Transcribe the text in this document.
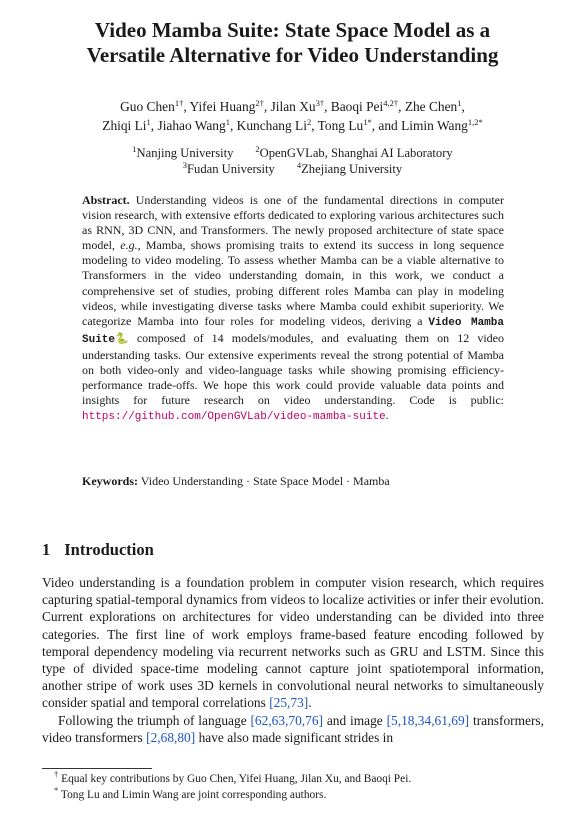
Video Mamba Suite: State Space Model as a
Versatile Alternative for Video Understanding
Guo Chen$^{1\dagger}$, Yifei Huang$^{2\dagger}$, Jilan $Xu^{3\dagger}$, Baoqi Pei$^{4,2\dagger}$, Zhe Chen$^1$,
Zhiqi Li$^1$, Jiahao Wang$^1$, Kunchang Li$^2$, Tong $Lu^{1*}$, and Limin Wang$^{1,2*}$
$^1$Nanjing University	$^2$OpenGVLab, Shanghai AI Laboratory
$^3$Fudan University	$^4$Zhejiang University
Abstract. Understanding videos is one of the fundamental directions in computer vision research, with extensive efforts dedicated to exploring various architectures such as RNN, 3D CNN, and Transformers. The newly proposed architecture of state space model, e.g., Mamba, shows promising traits to extend its success in long sequence modeling to video modeling. To assess whether Mamba can be a viable alternative to Transformers in the video understanding domain, in this work, we conduct a comprehensive set of studies, probing different roles Mamba can play in modeling videos, while investigating diverse tasks where Mamba could exhibit superiority. We categorize Mamba into four roles for modeling videos, deriving a Video Mamba Suite🐍 composed of 14 models/modules, and evaluating them on 12 video understanding tasks. Our extensive experiments reveal the strong potential of Mamba on both video-only and video-language tasks while showing promising efficiency-performance trade-offs. We hope this work could provide valuable data points and insights for future research on video understanding. Code is public: https://github.com/OpenGVLab/video-mamba-suite.
Keywords: Video Understanding · State Space Model · Mamba
1 Introduction

Video understanding is a foundation problem in computer vision research, which requires capturing spatial-temporal dynamics from videos to localize activities or infer their evolution. Current explorations on architectures for video understanding can be divided into three categories. The first line of work employs frame-based feature encoding followed by temporal dependency modeling via recurrent networks such as GRU and LSTM. Since this type of divided space-time modeling cannot capture joint spatiotemporal information, another stripe of work uses 3D kernels in convolutional neural networks to simultaneously consider spatial and temporal correlations [25,73].

Following the triumph of language [62,63,70,76] and image [5,18,34,61,69] transformers, video transformers [2,68,80] have also made significant strides in

† Equal key contributions by Guo Chen, Yifei Huang, Jilan Xu, and Baoqi Pei.
* Tong Lu and Limin Wang are joint corresponding authors.
